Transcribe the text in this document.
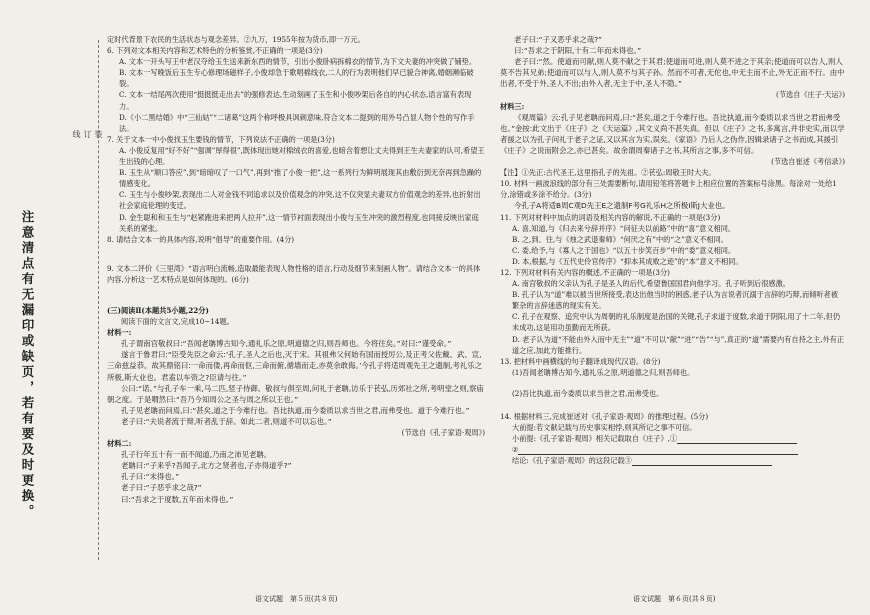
注意清点有无漏印或缺页，若有要及时更换。
装
订
线

定时代背景下农民的生活状态与观念差异。②九万，1955年按为货币,即一万元。

6. 下列对文本相关内容和艺术特色的分析鉴赏,不正确的一项是(3分)

A. 文本一开头写王中老汉夺给玉生送来新东西的情节，引出小俊卧病拆棉衣的情节,为下文夫妻的冲突做了铺垫。

B. 文本一写晚饭后玉生专心修理场磁样子,小俊却急于歌唱棉线衣,二人的行为表明他们早已貌合神离,婚姻濒临破裂。

C. 文本一结尾两次使用“挺挺挺走出去”的强修表达,生动刻画了玉生和小俊吵架后各自的内心状态,语言富有表现力。

D.《小二黑结婚》中“三仙姑”“二诸葛”这两个称呼极具讽刺意味,符合文本二提到的用外号凸显人物个性的写作手法。

7. 关于文本一中小俊找玉生要钱的情节，下列说法不正确的一项是(3分)

A. 小俊反复用“好不好”“强调”厚得很”,既体现出她对棉绒衣的喜爱,也暗含着想让丈夫得到王生夫妻家的认可,希望王生出钱的心理。

B. 玉生从“顺口答应”,到“暗暗叹了一口气”,再到“推了小俊一把”,这一系列行为鲜明展现其由敷衍到无奈再到急躁的情感变化。

C. 玉生与小俊吵架,表现出二人对金钱不同追求以及价值观念的冲突,这不仅突显夫妻双方价值观念的差异,也折射出社会家庭伦理的变迁。

D. 金生聪和和玉生与“赵紧跑进来把两人拉开”,这一情节衬面表现出小俊与玉生冲突的激烈程度,也同接反映出家庭关系的紧张。

8. 请结合文本一的具体内容,说明“倡导”的重要作用。(4分)

9. 文本二评价《三里湾》“语言明白流畅,造取最能表现人物性格的语言,行动及细节来刻画人物”。请结合文本一的具体内容,分析这一艺术特点是如何体现的。(6分)

(三)阅读Ⅱ(本题共5小题,22分)

阅读下面的文言文,完成10~14题。

材料一:

孔子谓南宫敬叔曰:“吾闻老聃博古知今,通礼乐之原,明道德之归,则吾师也。今将往矣。”对曰:“谨受命。”

遂言于鲁君曰:“臣受先臣之命云:‘孔子,圣人之后也,灭于宋。其祖弗父何始有国而授厉公,及正考父佐戴、武、宣,三命兹益恭。故其鼎铭曰:一命而偻,再命而伛,三命而俯,循墙而走,亦莫余敢侮。’今孔子将适周观先王之遗制,考礼乐之所极,斯大业也。君盍以车资之?臣请与往。”

公曰:“诺。”与孔子车一乘,马二匹,竖子侍御。敬叔与俱至周,问礼于老聃,访乐于苌弘,历郊社之所,考明堂之则,察庙朝之度。于是喟然曰:“吾乃今知周公之圣与周之所以王也。”

孔子见老聃而问焉,曰:“甚矣,道之于今难行也。吾比执道,而今委质以求当世之君,而弗受也。道于今难行也。”

老子曰:“夫说者流于辩,听者乱于辞。如此二者,则道不可以忘也。”

(节选自《孔子家语·观周》)

材料二:

孔子行年五十有一而不闻道,乃南之沛见老聃。

老聃曰:“子来乎?吾闻子,北方之贤者也,子亦得道乎?”

孔子曰:“未得也。”

老子曰:“子恶乎求之哉?”

曰:“吾求之于度数,五年而未得也。”

老子曰:“子又恶乎求之哉?”

曰:“吾求之于阴阳,十有二年而未得也。”

老子曰:“然。使道而可献,则人莫不献之于其君;使道而可进,则人莫不进之于其亲;使道而可以告人,则人莫不告其兄弟;使道而可以与人,则人莫不与其子孙。然而不可者,无佗也,中无主而不止,外无正而不行。由中出者,不受于外,圣人不出;由外入者,无主于中,圣人不隐。”

(节选自《庄子·天运》)

材料三:

《观周篇》云:孔子见老聃而问焉,曰:“甚矣,道之于今难行也。吾比执道,而今委质以求当世之君而弗受也。”金按:此文出于《庄子》之《天运篇》,其文义尚不甚失真。但以《庄子》之书,多寓言,并非史实,而以学者援之以为孔子问礼于老子之证,又以其言为实,误矣。《家语》乃后人之伪作,因辑录诸子之书而成,其援引《庄子》之说而附会之,亦已甚矣。故余谓周秦诸子之书,其所言之事,多不可信。

(节选自崔述《考信录》)

【注】①先正:古代圣王,这里指孔子的先祖。②苌弘:周敬王时大夫。

10. 材料一画波浪线的部分有三处需要断句,请用铅笔将答题卡上相应位置的答案标号涂黑。每涂对一处给1分,涂错或多涂不给分。(3分)

今孔子A将适B周C观D先王E之遗制F考G礼乐H之所极I斯J大业也。

11. 下列对材料中加点的词语及相关内容的解说,不正确的一项是(3分)

A. 喜,知道,与《归去来兮辞并序》“问征夫以前路”中的“喜”意义相同。

B. 之,到、往,与《烛之武退秦师》“何厌之有”中的“之”意义不相同。

C. 委,给予,与《寡人之于国也》“以五十步笑百步”中的“委”意义相同。

D. 本,根据,与《五代史伶官传序》“抑本其成败之迹”的“本”意义不相同。

12. 下列对材料有关内容的概述,不正确的一项是(3分)

A. 南宫敬叔的父亲认为孔子是圣人的后代,希望鲁国国君向他学习。孔子听到后很感激。

B. 孔子认为“道”难以被当世所接受,表达出他当时的困惑,老子认为言说者沉溺于言辞的巧辩,而倾听者被繁杂的言辞迷惑的现实有关。

C. 孔子在观察、追究中认为周朝的礼乐制度是治国的关键,孔子求道于度数,求道于阴阳,用了十二年,但仍未成功,这是用功虽勤而无所获。

D. 老子认为道“不能由外入而中无主”“道”不可以“献”“进”“告”“与”,真正的“道”需要内有自持之主,外有正道之应,加此方能推行。

13. 把材料中画横线的句子翻译成现代汉语。(8分)

(1)吾闻老聃博古知今,通礼乐之原,明道德之归,则吾师也。

(2)吾比执道,而今委质以求当世之君,而弗受也。

14. 根据材料三,完成崔述对《孔子家语·观周》的推理过程。(5分)

大前提:若文献记载与历史事实相悖,则其所记之事不可信。

小前提:《孔子家语·观周》相关记载取自《庄子》,①

②

结论:《孔子家语·观周》的这段记载③

语文试题　第５页(共８页)	语文试题　第６页(共８页)
